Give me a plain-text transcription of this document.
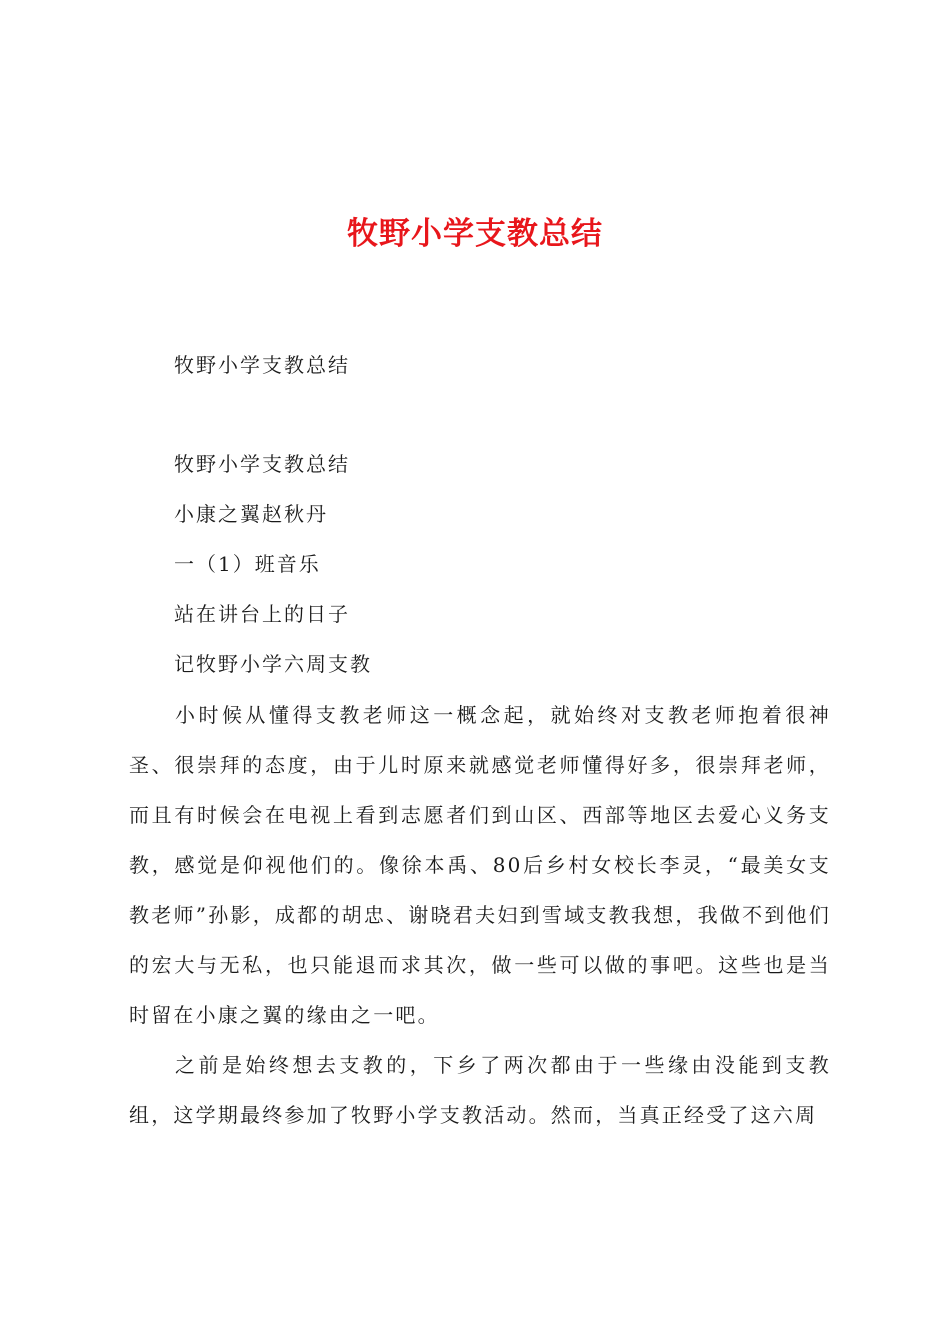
牧野小学支教总结
牧野小学支教总结
牧野小学支教总结
小康之翼赵秋丹
一（1）班音乐
站在讲台上的日子
记牧野小学六周支教

小时候从懂得支教老师这一概念起，就始终对支教老师抱着很神圣、很崇拜的态度，由于儿时原来就感觉老师懂得好多，很崇拜老师，而且有时候会在电视上看到志愿者们到山区、西部等地区去爱心义务支教，感觉是仰视他们的。像徐本禹、80后乡村女校长李灵，“最美女支教老师”孙影，成都的胡忠、谢晓君夫妇到雪域支教我想，我做不到他们的宏大与无私，也只能退而求其次，做一些可以做的事吧。这些也是当时留在小康之翼的缘由之一吧。

之前是始终想去支教的，下乡了两次都由于一些缘由没能到支教组，这学期最终参加了牧野小学支教活动。然而，当真正经受了这六周
